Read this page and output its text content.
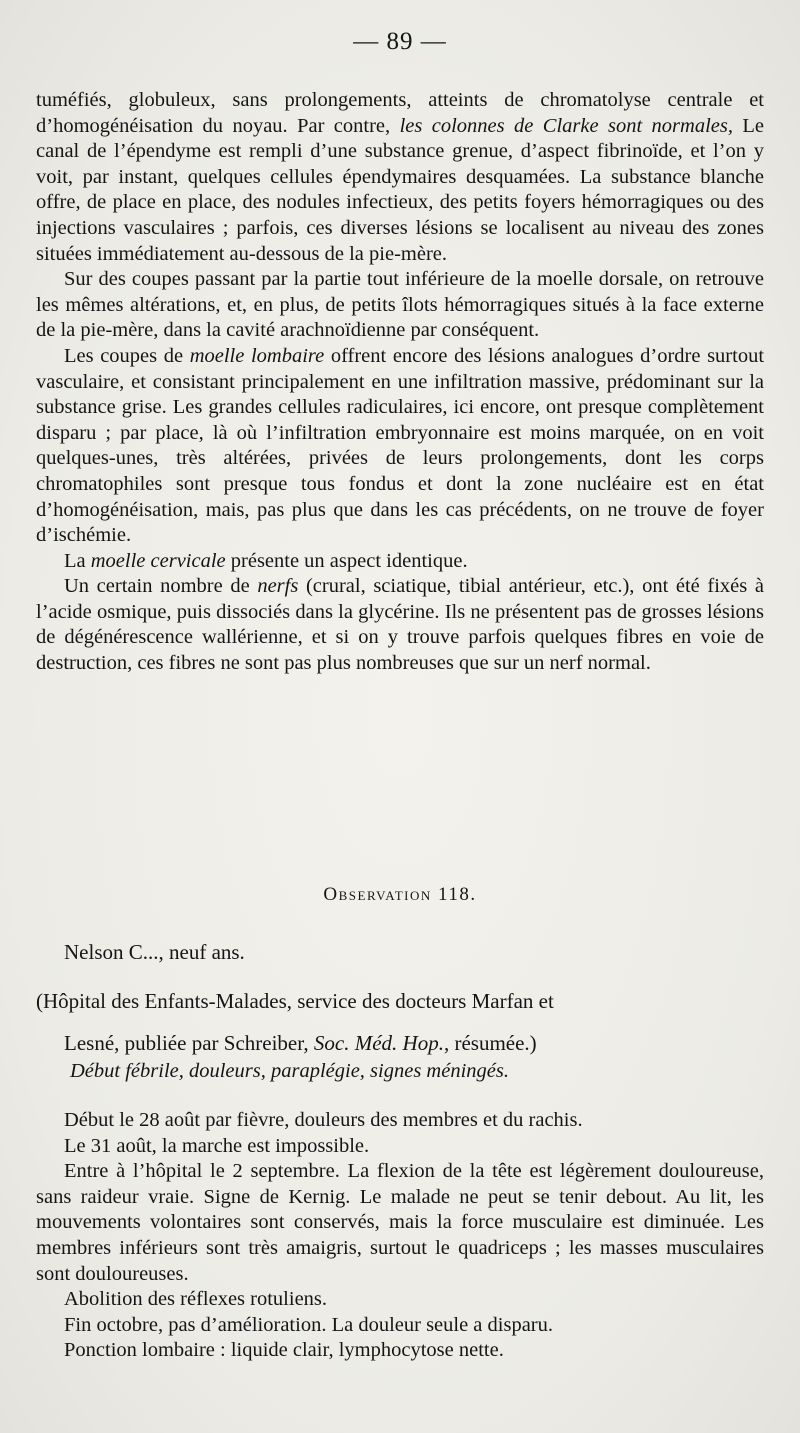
— 89 —

tuméfiés, globuleux, sans prolongements, atteints de chromatolyse centrale et d’homogénéisation du noyau. Par contre, les colonnes de Clarke sont normales, Le canal de l’épendyme est rempli d’une substance grenue, d’aspect fibrinoïde, et l’on y voit, par instant, quelques cellules épendymaires desquamées. La substance blanche offre, de place en place, des nodules infectieux, des petits foyers hémorragiques ou des injections vasculaires ; parfois, ces diverses lésions se localisent au niveau des zones situées immédiatement au-dessous de la pie-mère.

Sur des coupes passant par la partie tout inférieure de la moelle dorsale, on retrouve les mêmes altérations, et, en plus, de petits îlots hémorragiques situés à la face externe de la pie-mère, dans la cavité arachnoïdienne par conséquent.

Les coupes de moelle lombaire offrent encore des lésions analogues d’ordre surtout vasculaire, et consistant principalement en une infiltration massive, prédominant sur la substance grise. Les grandes cellules radiculaires, ici encore, ont presque complètement disparu ; par place, là où l’infiltration embryonnaire est moins marquée, on en voit quelques-unes, très altérées, privées de leurs prolongements, dont les corps chromatophiles sont presque tous fondus et dont la zone nucléaire est en état d’homogénéisation, mais, pas plus que dans les cas précédents, on ne trouve de foyer d’ischémie.

La moelle cervicale présente un aspect identique.

Un certain nombre de nerfs (crural, sciatique, tibial antérieur, etc.), ont été fixés à l’acide osmique, puis dissociés dans la glycérine. Ils ne présentent pas de grosses lésions de dégénérescence wallérienne, et si on y trouve parfois quelques fibres en voie de destruction, ces fibres ne sont pas plus nombreuses que sur un nerf normal.

Observation 118.
Nelson C..., neuf ans.
(Hôpital des Enfants-Malades, service des docteurs Marfan et
Lesné, publiée par Schreiber, Soc. Méd. Hop., résumée.)
Début fébrile, douleurs, paraplégie, signes méningés.

Début le 28 août par fièvre, douleurs des membres et du rachis.

Le 31 août, la marche est impossible.

Entre à l’hôpital le 2 septembre. La flexion de la tête est légèrement douloureuse, sans raideur vraie. Signe de Kernig. Le malade ne peut se tenir debout. Au lit, les mouvements volontaires sont conservés, mais la force musculaire est diminuée. Les membres inférieurs sont très amaigris, surtout le quadriceps ; les masses musculaires sont douloureuses.

Abolition des réflexes rotuliens.

Fin octobre, pas d’amélioration. La douleur seule a disparu.

Ponction lombaire : liquide clair, lymphocytose nette.
